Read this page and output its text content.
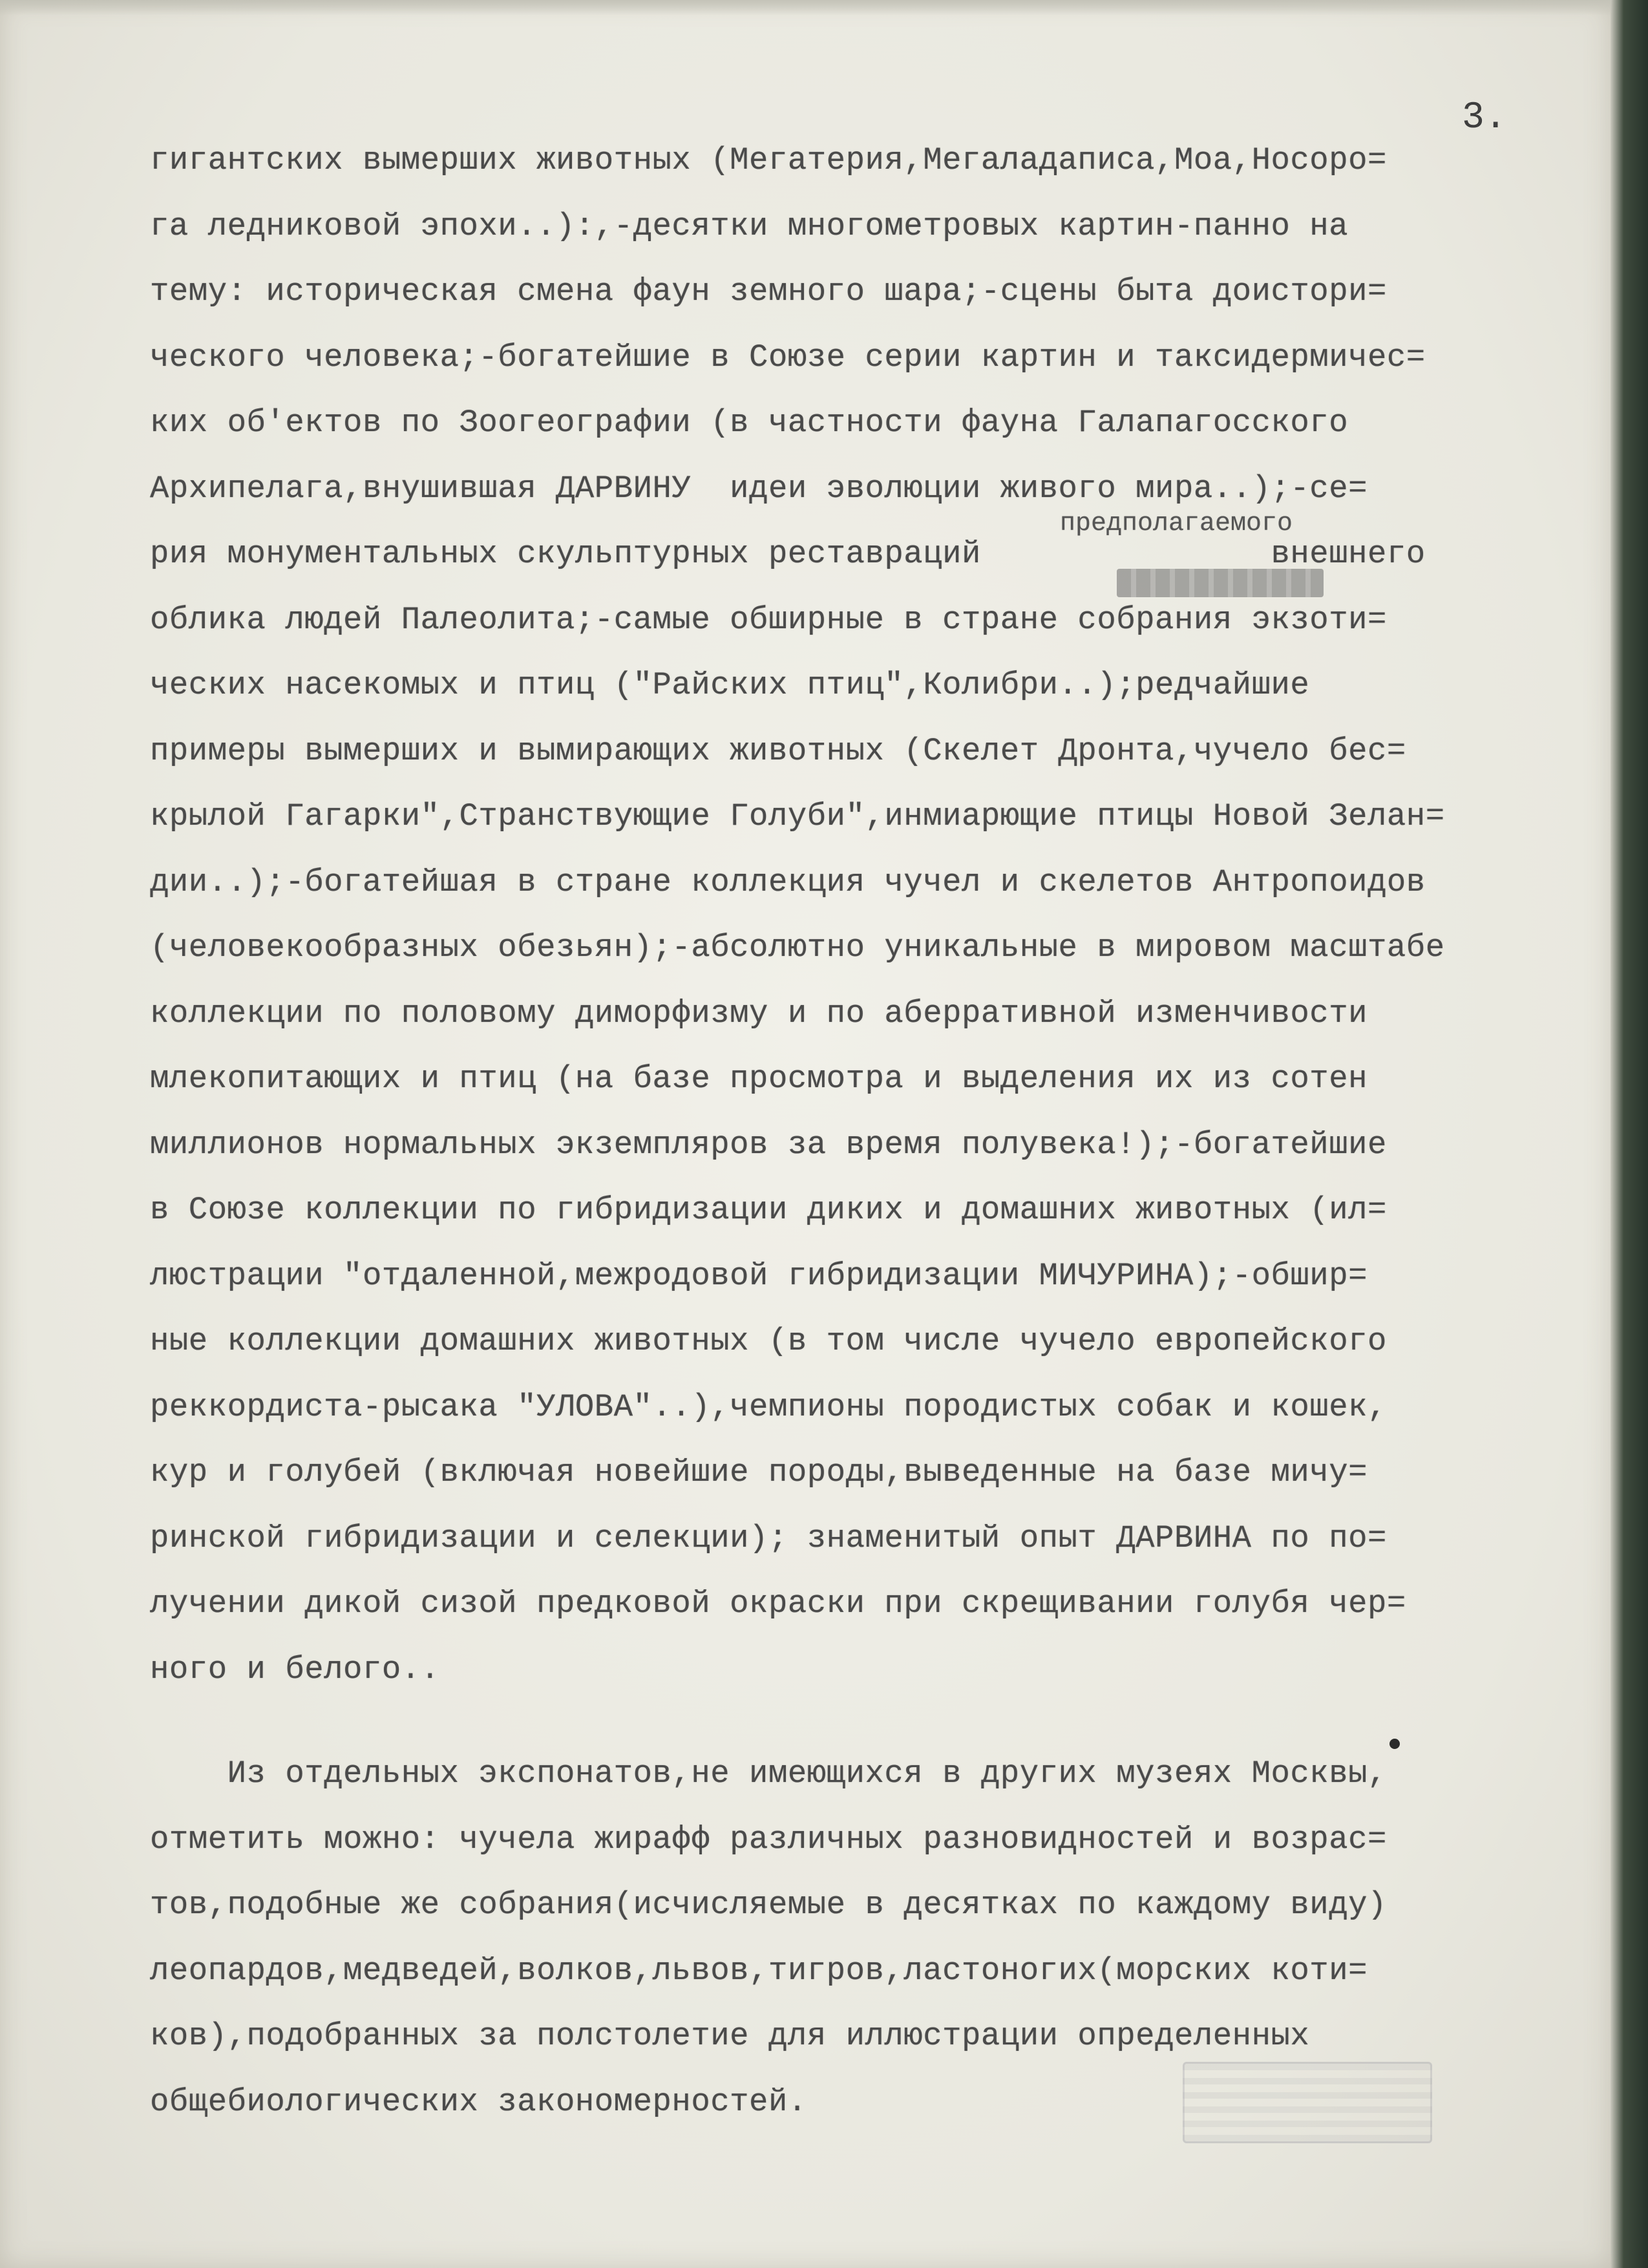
3.
предполагаемого
гигантских вымерших животных (Мегатерия,Мегаладаписа,Моа,Носоро=
га ледниковой эпохи..):,-десятки многометровых картин-панно на
тему: историческая смена фаун земного шара;-сцены быта доистори=
ческого человека;-богатейшие в Союзе серии картин и таксидермичес=
ких об'ектов по Зоогеографии (в частности фауна Галапагосского
Архипелага,внушившая ДАРВИНУ  идеи эволюции живого мира..);-се=
рия монументальных скульптурных реставраций               внешнего
облика людей Палеолита;-самые обширные в стране собрания экзоти=
ческих насекомых и птиц ("Райских птиц",Колибри..);редчайшие
примеры вымерших и вымирающих животных (Скелет Дронта,чучело бес=
крылой Гагарки",Странствующие Голуби",инмиарющие птицы Новой Зелан=
дии..);-богатейшая в стране коллекция чучел и скелетов Антропоидов
(человекообразных обезьян);-абсолютно уникальные в мировом масштабе
коллекции по половому диморфизму и по аберративной изменчивости
млекопитающих и птиц (на базе просмотра и выделения их из сотен
миллионов нормальных экземпляров за время полувека!);-богатейшие
в Союзе коллекции по гибридизации диких и домашних животных (ил=
люстрации "отдаленной,межродовой гибридизации МИЧУРИНА);-обшир=
ные коллекции домашних животных (в том числе чучело европейского
реккордиста-рысака "УЛОВА"..),чемпионы породистых собак и кошек,
кур и голубей (включая новейшие породы,выведенные на базе мичу=
ринской гибридизации и селекции); знаменитый опыт ДАРВИНА по по=
лучении дикой сизой предковой окраски при скрещивании голубя чер=
ного и белого..
Из отдельных экспонатов,не имеющихся в других музеях Москвы,
отметить можно: чучела жирафф различных разновидностей и возрас=
тов,подобные же собрания(исчисляемые в десятках по каждому виду)
леопардов,медведей,волков,львов,тигров,ластоногих(морских коти=
ков),подобранных за полстолетие для иллюстрации определенных
общебиологических закономерностей.
